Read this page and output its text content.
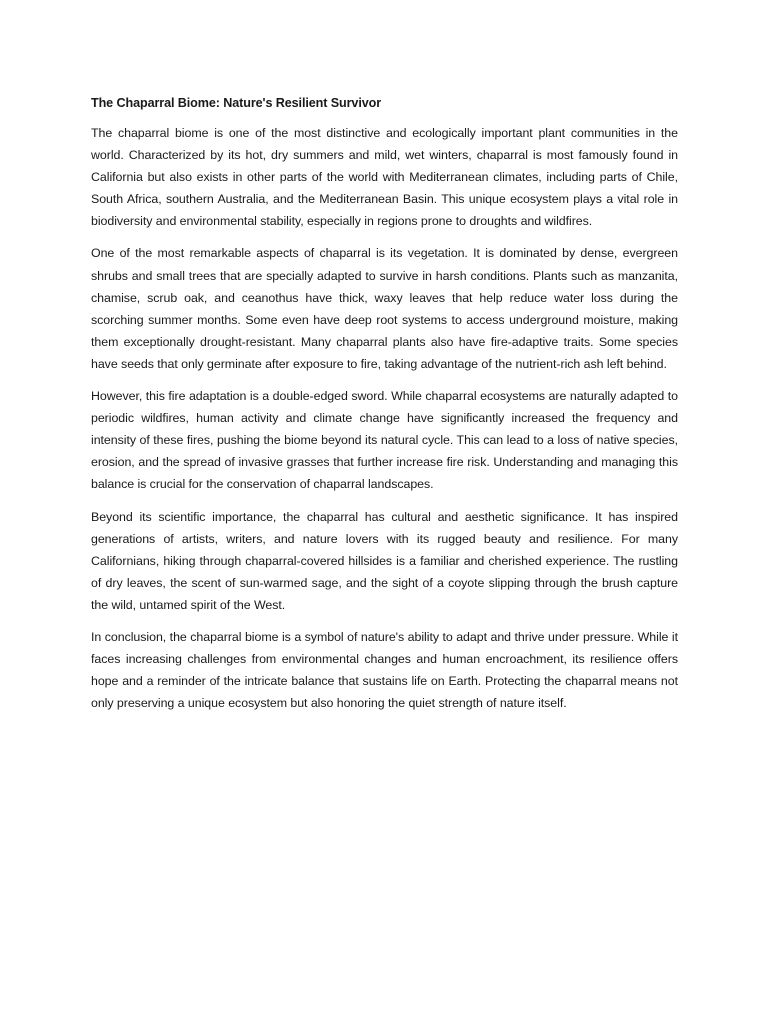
The Chaparral Biome: Nature's Resilient Survivor

The chaparral biome is one of the most distinctive and ecologically important plant communities in the world. Characterized by its hot, dry summers and mild, wet winters, chaparral is most famously found in California but also exists in other parts of the world with Mediterranean climates, including parts of Chile, South Africa, southern Australia, and the Mediterranean Basin. This unique ecosystem plays a vital role in biodiversity and environmental stability, especially in regions prone to droughts and wildfires.

One of the most remarkable aspects of chaparral is its vegetation. It is dominated by dense, evergreen shrubs and small trees that are specially adapted to survive in harsh conditions. Plants such as manzanita, chamise, scrub oak, and ceanothus have thick, waxy leaves that help reduce water loss during the scorching summer months. Some even have deep root systems to access underground moisture, making them exceptionally drought-resistant. Many chaparral plants also have fire-adaptive traits. Some species have seeds that only germinate after exposure to fire, taking advantage of the nutrient-rich ash left behind.

However, this fire adaptation is a double-edged sword. While chaparral ecosystems are naturally adapted to periodic wildfires, human activity and climate change have significantly increased the frequency and intensity of these fires, pushing the biome beyond its natural cycle. This can lead to a loss of native species, erosion, and the spread of invasive grasses that further increase fire risk. Understanding and managing this balance is crucial for the conservation of chaparral landscapes.

Beyond its scientific importance, the chaparral has cultural and aesthetic significance. It has inspired generations of artists, writers, and nature lovers with its rugged beauty and resilience. For many Californians, hiking through chaparral-covered hillsides is a familiar and cherished experience. The rustling of dry leaves, the scent of sun-warmed sage, and the sight of a coyote slipping through the brush capture the wild, untamed spirit of the West.

In conclusion, the chaparral biome is a symbol of nature's ability to adapt and thrive under pressure. While it faces increasing challenges from environmental changes and human encroachment, its resilience offers hope and a reminder of the intricate balance that sustains life on Earth. Protecting the chaparral means not only preserving a unique ecosystem but also honoring the quiet strength of nature itself.
